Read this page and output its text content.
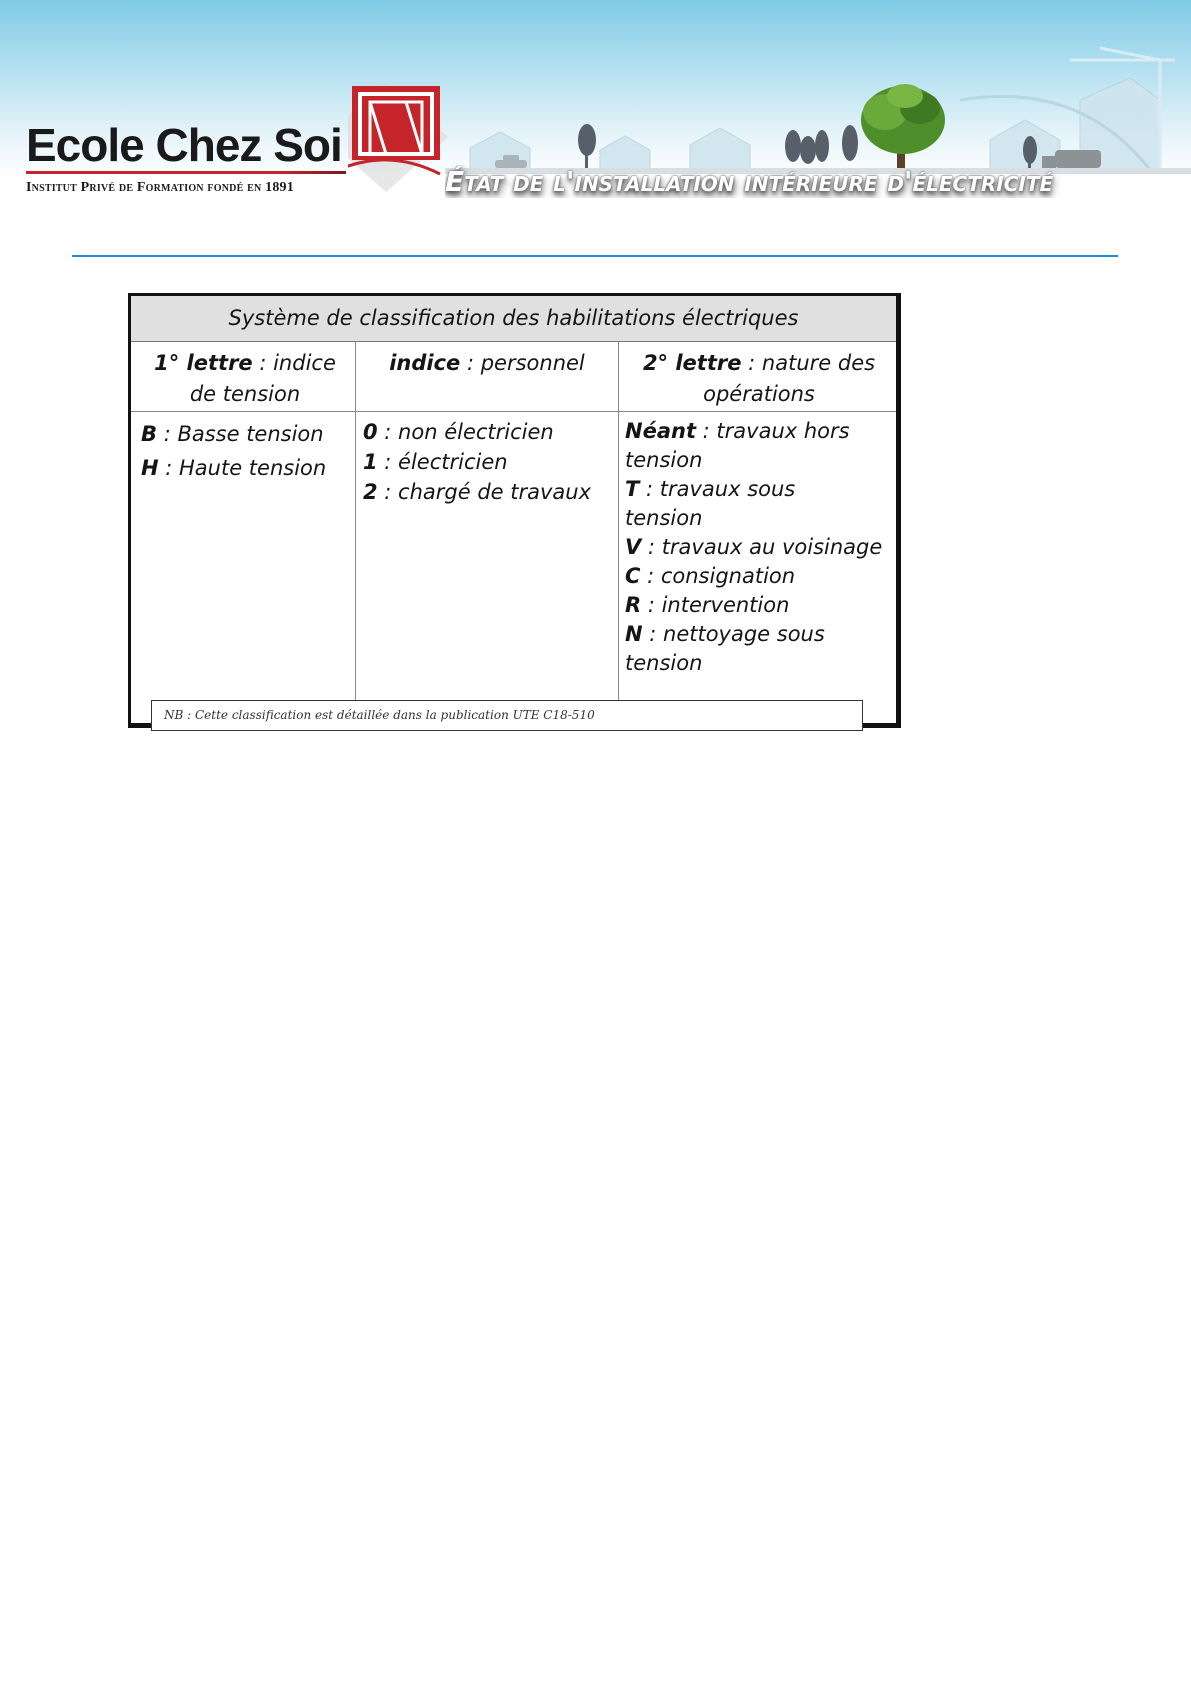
Ecole Chez Soi
Institut Privé de Formation fondé en 1891	État de l'installation intérieure d'électricité
Système de classification des habilitations électriques
1° lettre : indice de tension
indice : personnel	2° lettre : nature des opérations
B : Basse tension
H : Haute tension
0 : non électricien
1 : électricien
2 : chargé de travaux
Néant : travaux hors
tension
T : travaux sous
tension
V : travaux au voisinage
C : consignation
R : intervention
N : nettoyage sous
tension
NB : Cette classification est détaillée dans la publication UTE C18-510
